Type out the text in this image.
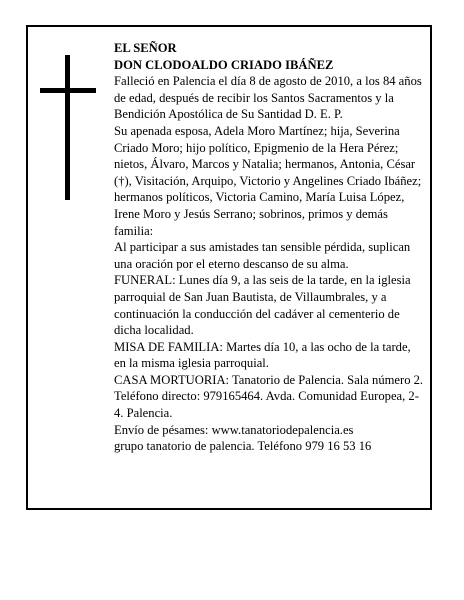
EL SEÑOR

DON CLODOALDO CRIADO IBÁÑEZ

Falleció en Palencia el día 8 de agosto de 2010, a los 84 años de edad, después de recibir los Santos Sacramentos y la Bendición Apostólica de Su Santidad D. E. P.

Su apenada esposa, Adela Moro Martínez; hija, Severina Criado Moro; hijo político, Epigmenio de la Hera Pérez; nietos, Álvaro, Marcos y Natalia; hermanos, Antonia, César (†), Visitación, Arquipo, Victorio y Angelines Criado Ibáñez; hermanos políticos, Victoria Camino, María Luisa López, Irene Moro y Jesús Serrano; sobrinos, primos y demás familia:

Al participar a sus amistades tan sensible pérdida, suplican una oración por el eterno descanso de su alma.

FUNERAL: Lunes día 9, a las seis de la tarde, en la iglesia parroquial de San Juan Bautista, de Villaumbrales, y a continuación la conducción del cadáver al cementerio de dicha localidad.

MISA DE FAMILIA: Martes día 10, a las ocho de la tarde, en la misma iglesia parroquial.

CASA MORTUORIA: Tanatorio de Palencia. Sala número 2. Teléfono directo: 979165464. Avda. Comunidad Europea, 2-4. Palencia.

Envío de pésames: www.tanatoriodepalencia.es

grupo tanatorio de palencia. Teléfono 979 16 53 16
